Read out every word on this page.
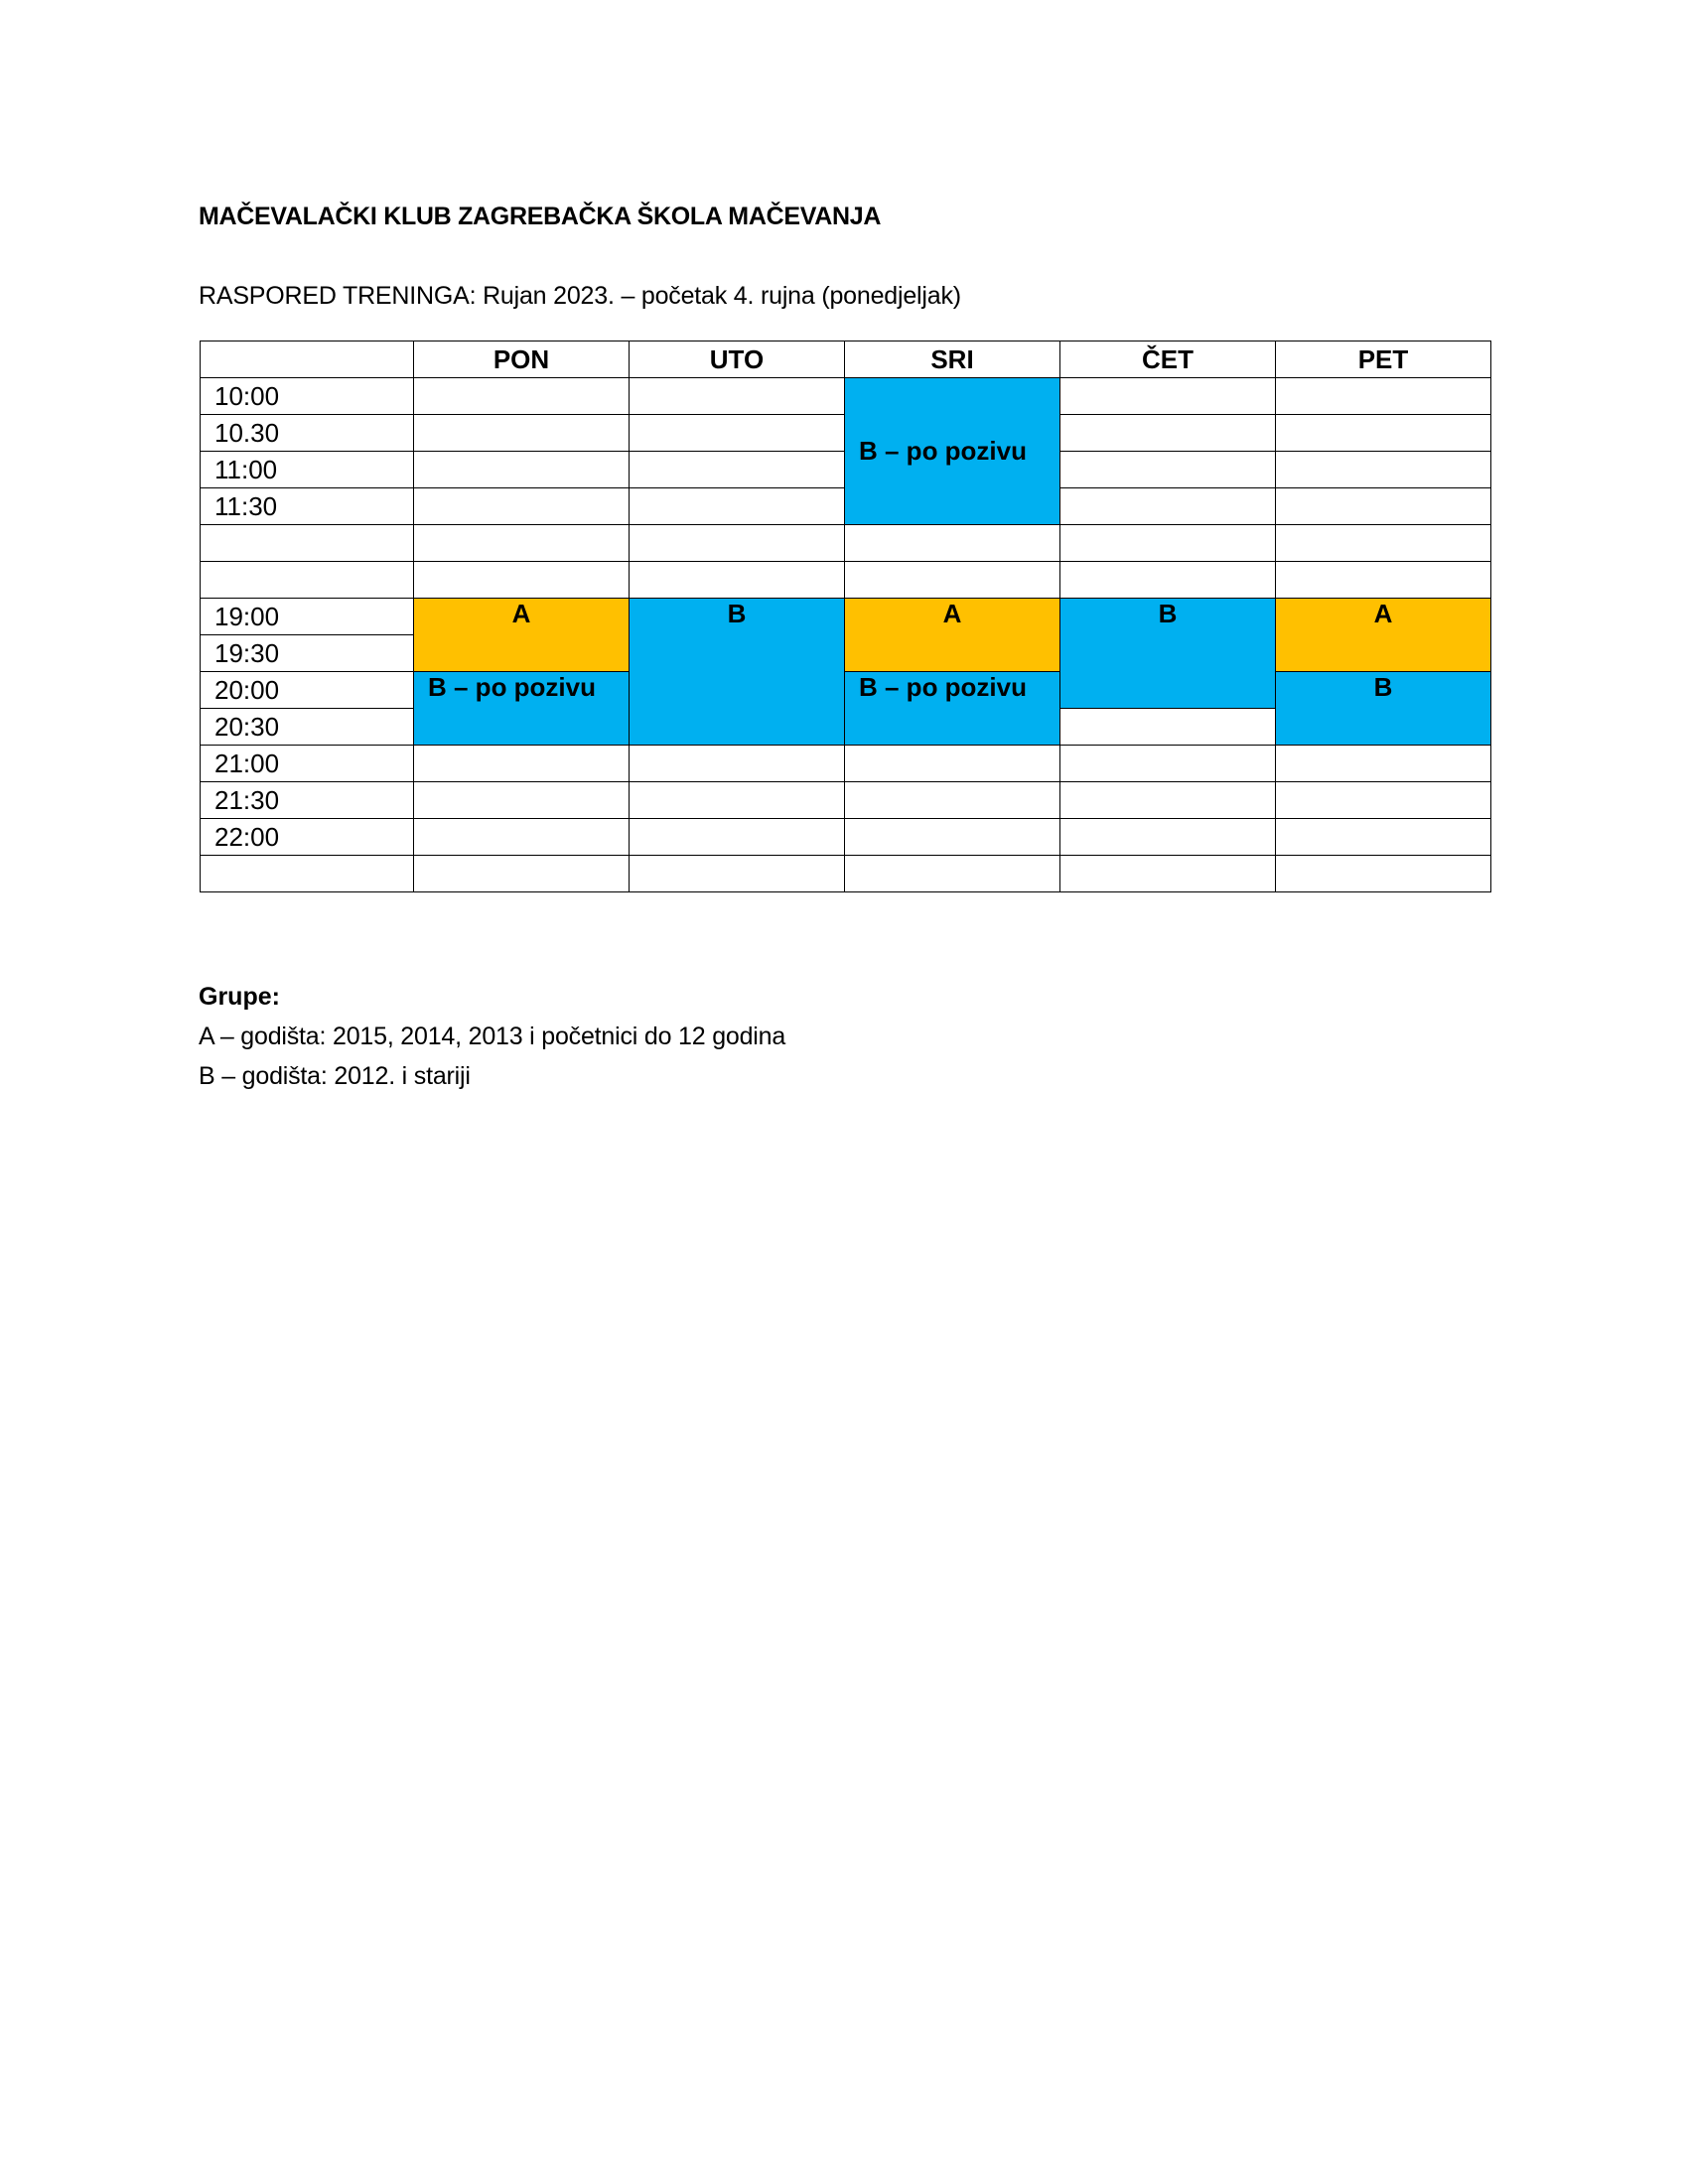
MAČEVALAČKI KLUB ZAGREBAČKA ŠKOLA MAČEVANJA
RASPORED TRENINGA: Rujan 2023. – početak 4. rujna (ponedjeljak)
	PON	UTO	SRI	ČET	PET
10:00			B – po pozivu		
10.30					
11:00					
11:30					

19:00	A	B	A	B	A
19:30					
20:00	B – po pozivu		B – po pozivu		B
20:30					
21:00					
21:30					
22:00					

Grupe:
A – godišta: 2015, 2014, 2013 i početnici do 12 godina
B – godišta: 2012. i stariji
